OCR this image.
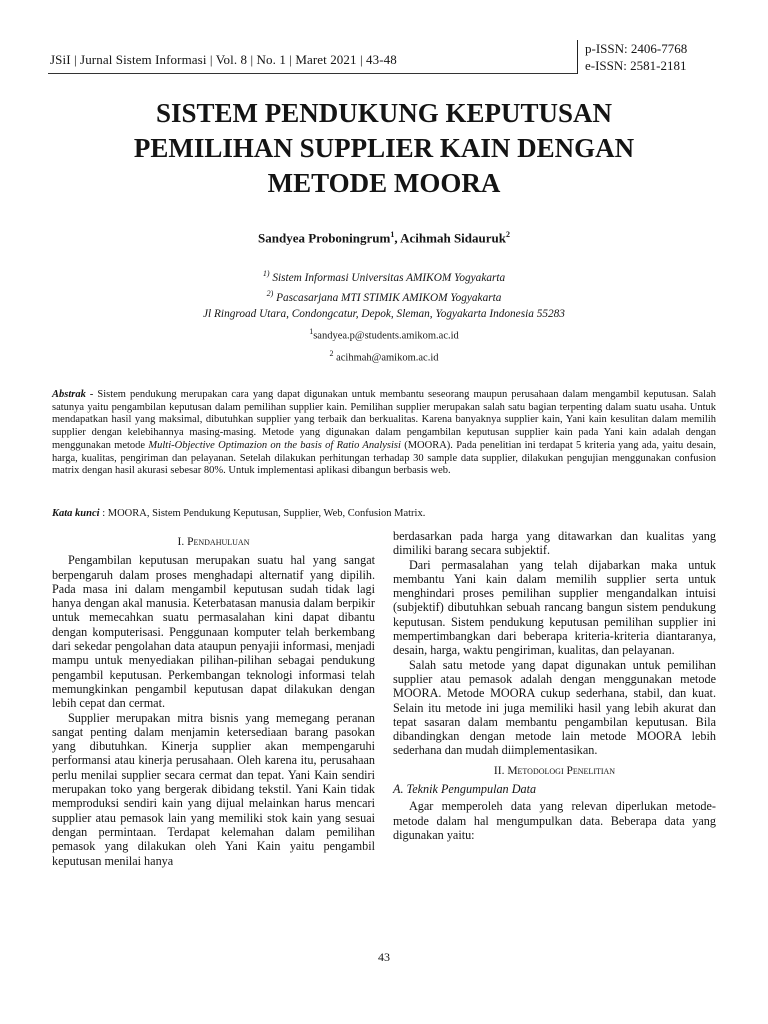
JSiI | Jurnal Sistem Informasi | Vol. 8 | No. 1 | Maret 2021 | 43-48
p-ISSN: 2406-7768
e-ISSN: 2581-2181
SISTEM PENDUKUNG KEPUTUSAN
PEMILIHAN SUPPLIER KAIN DENGAN
METODE MOORA
Sandyea Proboningrum$^1$, Acihmah Sidauruk$^2$
$^{1)}$ Sistem Informasi Universitas AMIKOM Yogyakarta
$^{2)}$ Pascasarjana MTI STIMIK AMIKOM Yogyakarta
Jl Ringroad Utara, Condongcatur, Depok, Sleman, Yogyakarta Indonesia 55283
$^1$sandyea.p@students.amikom.ac.id
$^2$ acihmah@amikom.ac.id

Abstrak - Sistem pendukung merupakan cara yang dapat digunakan untuk membantu seseorang maupun perusahaan dalam mengambil keputusan. Salah satunya yaitu pengambilan keputusan dalam pemilihan supplier kain. Pemilihan supplier merupakan salah satu bagian terpenting dalam suatu usaha. Untuk mendapatkan hasil yang maksimal, dibutuhkan supplier yang terbaik dan berkualitas. Karena banyaknya supplier kain, Yani kain kesulitan dalam memilih supplier dengan kelebihannya masing-masing. Metode yang digunakan dalam pengambilan keputusan supplier kain pada Yani kain adalah dengan menggunakan metode Multi-Objective Optimazion on the basis of Ratio Analysisi (MOORA). Pada penelitian ini terdapat 5 kriteria yang ada, yaitu desain, harga, kualitas, pengiriman dan pelayanan. Setelah dilakukan perhitungan terhadap 30 sample data supplier, dilakukan pengujian menggunakan confusion matrix dengan hasil akurasi sebesar 80%. Untuk implementasi aplikasi dibangun berbasis web.

Kata kunci : MOORA, Sistem Pendukung Keputusan, Supplier, Web, Confusion Matrix.

I. Pendahuluan

Pengambilan keputusan merupakan suatu hal yang sangat berpengaruh dalam proses menghadapi alternatif yang dipilih. Pada masa ini dalam mengambil keputusan sudah tidak lagi hanya dengan akal manusia. Keterbatasan manusia dalam berpikir untuk memecahkan suatu permasalahan kini dapat dibantu dengan komputerisasi. Penggunaan komputer telah berkembang dari sekedar pengolahan data ataupun penyajii informasi, menjadi mampu untuk menyediakan pilihan-pilihan sebagai pendukung pengambil keputusan. Perkembangan teknologi informasi telah memungkinkan pengambil keputusan dapat dilakukan dengan lebih cepat dan cermat.

Supplier merupakan mitra bisnis yang memegang peranan sangat penting dalam menjamin ketersediaan barang pasokan yang dibutuhkan. Kinerja supplier akan mempengaruhi performansi atau kinerja perusahaan. Oleh karena itu, perusahaan perlu menilai supplier secara cermat dan tepat. Yani Kain sendiri merupakan toko yang bergerak dibidang tekstil. Yani Kain tidak memproduksi sendiri kain yang dijual melainkan harus mencari supplier atau pemasok lain yang memiliki stok kain yang sesuai dengan permintaan. Terdapat kelemahan dalam pemilihan pemasok yang dilakukan oleh Yani Kain yaitu pengambil keputusan menilai hanya

berdasarkan pada harga yang ditawarkan dan kualitas yang dimiliki barang secara subjektif.

Dari permasalahan yang telah dijabarkan maka untuk membantu Yani kain dalam memilih supplier serta untuk menghindari proses pemilihan supplier mengandalkan intuisi (subjektif) dibutuhkan sebuah rancang bangun sistem pendukung keputusan. Sistem pendukung keputusan pemilihan supplier ini mempertimbangkan dari beberapa kriteria-kriteria diantaranya, desain, harga, waktu pengiriman, kualitas, dan pelayanan.

Salah satu metode yang dapat digunakan untuk pemilihan supplier atau pemasok adalah dengan menggunakan metode MOORA. Metode MOORA cukup sederhana, stabil, dan kuat. Selain itu metode ini juga memiliki hasil yang lebih akurat dan tepat sasaran dalam membantu pengambilan keputusan. Bila dibandingkan dengan metode lain metode MOORA lebih sederhana dan mudah diimplementasikan.

II. Metodologi Penelitian
A. Teknik Pengumpulan Data

Agar memperoleh data yang relevan diperlukan metode-metode dalam hal mengumpulkan data. Beberapa data yang digunakan yaitu:

43
